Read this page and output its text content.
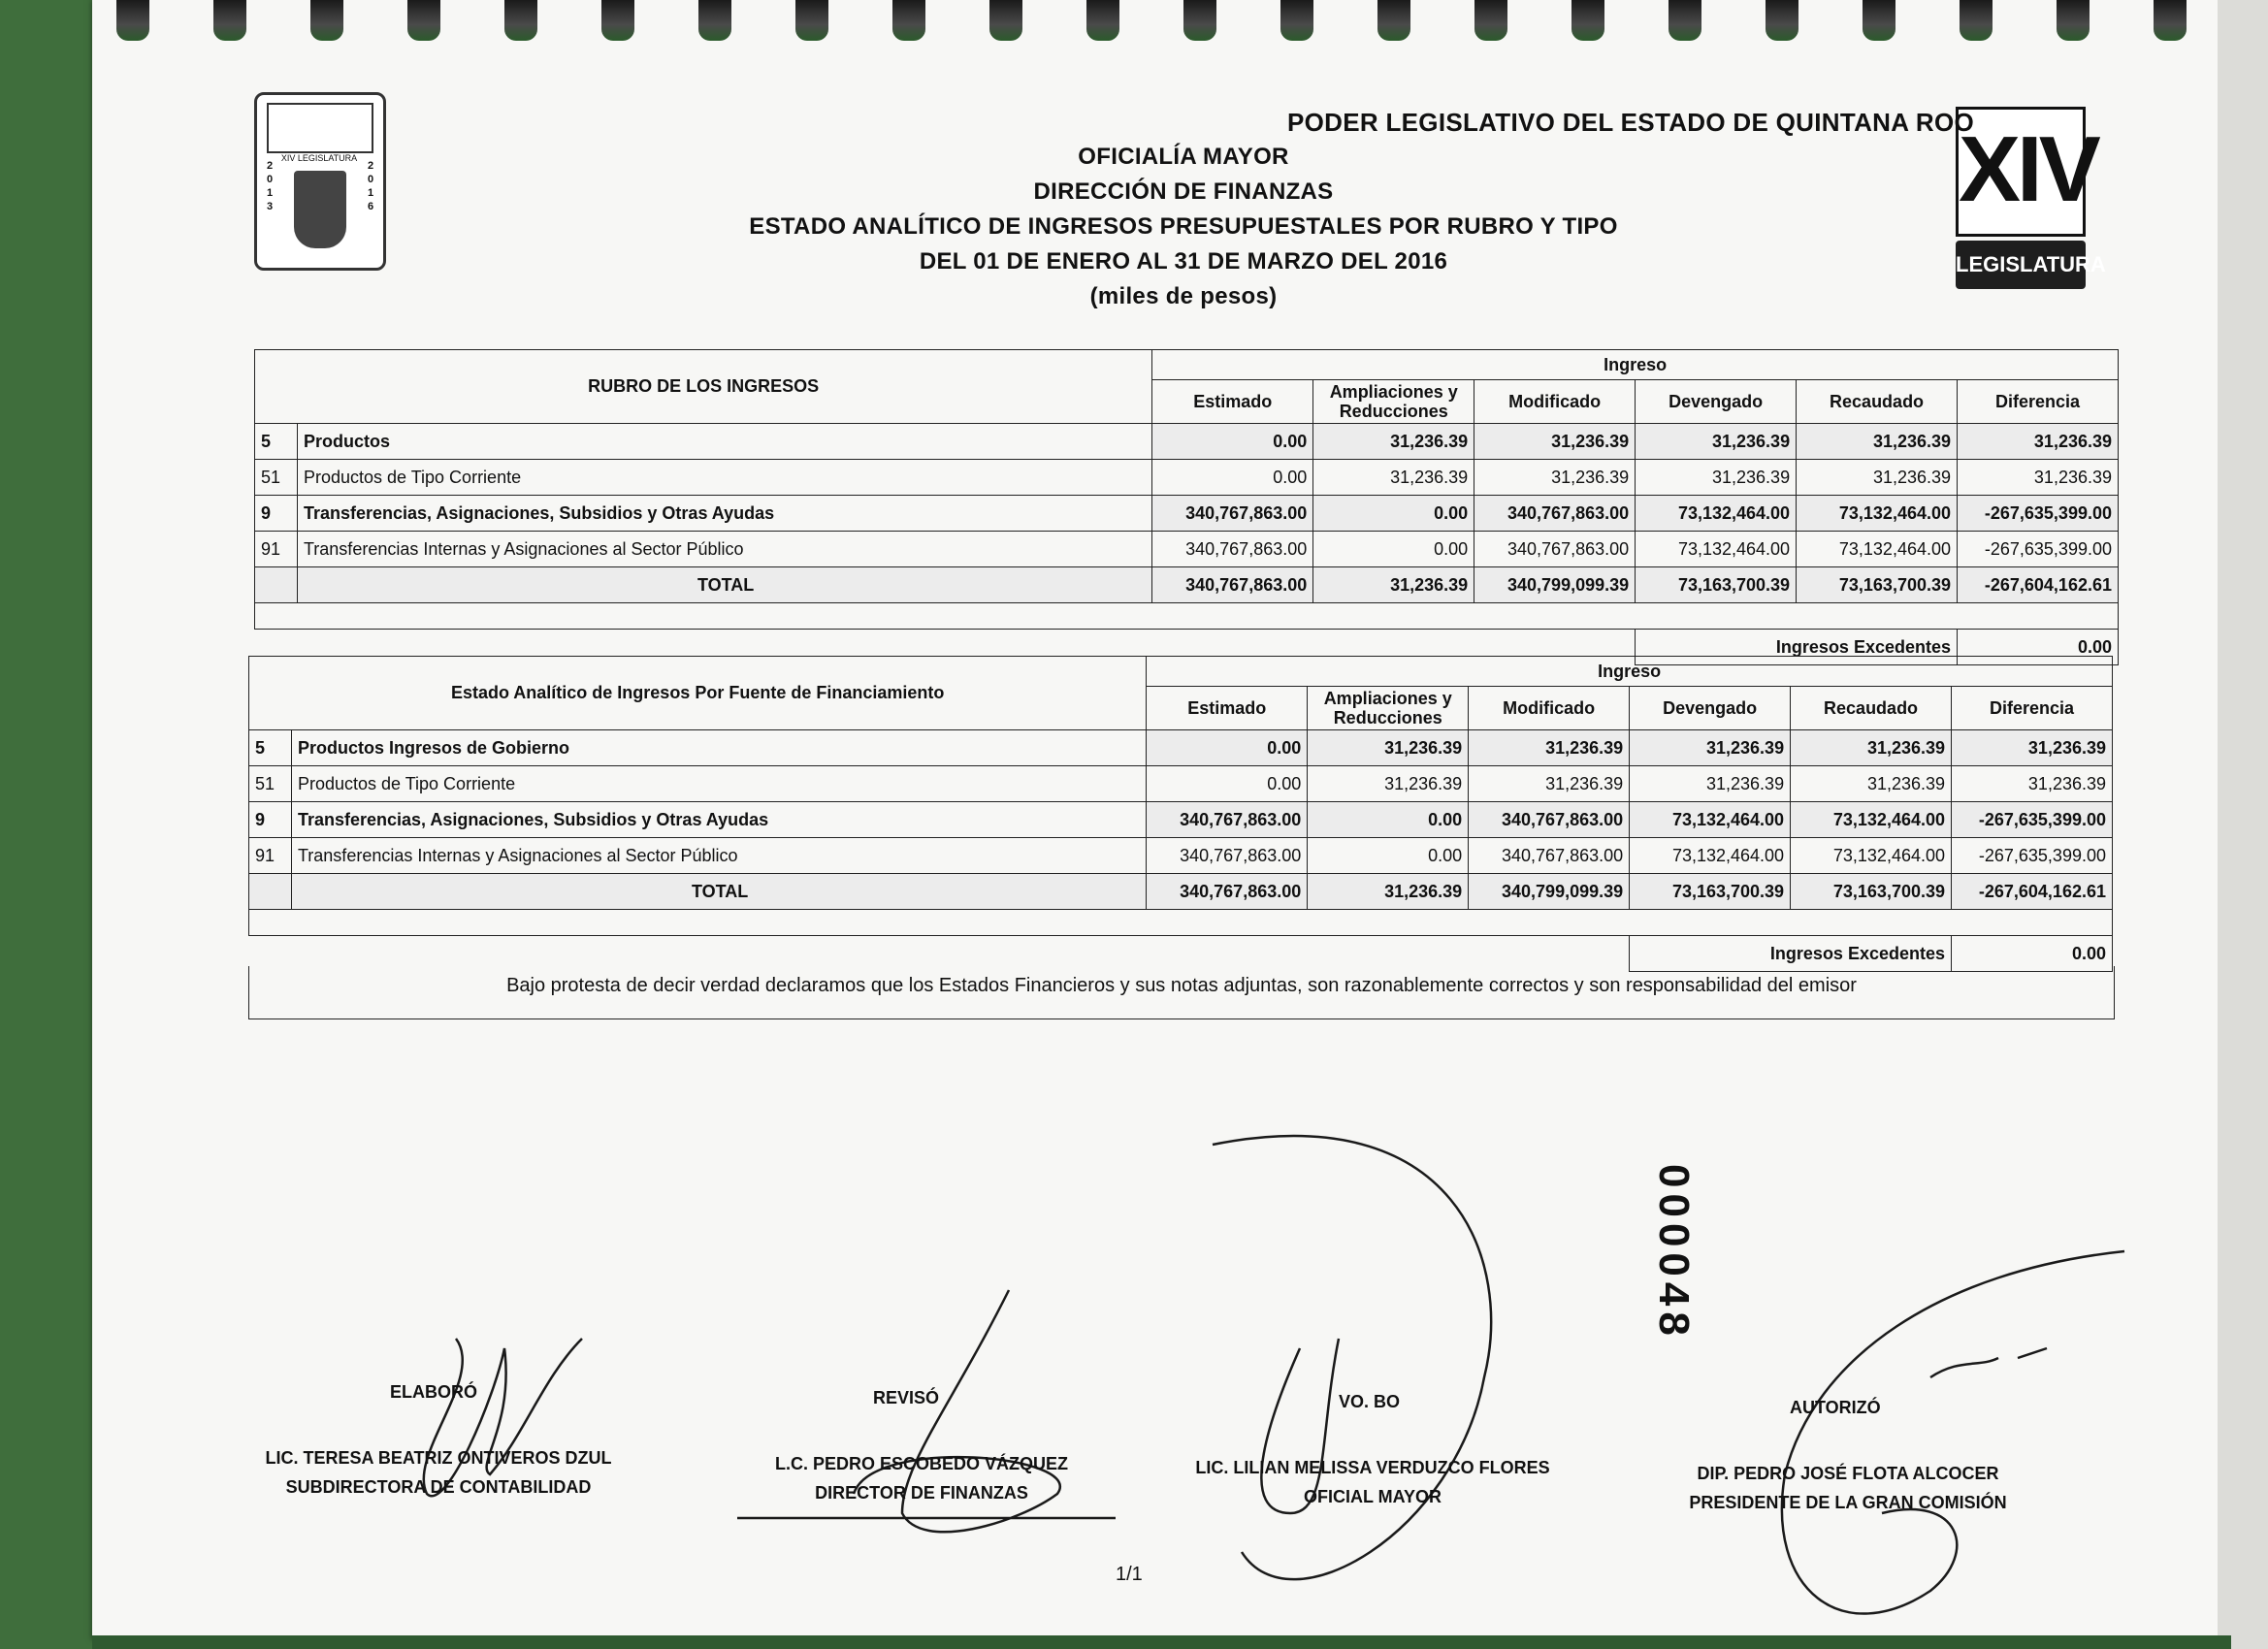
XIV LEGISLATURA
2
0
1
3
2
0
1
6	XIV
LEGISLATURA
PODER LEGISLATIVO DEL ESTADO DE QUINTANA ROO
OFICIALÍA MAYOR
DIRECCIÓN DE FINANZAS
ESTADO ANALÍTICO DE INGRESOS PRESUPUESTALES POR RUBRO Y TIPO
DEL 01 DE ENERO AL 31 DE MARZO DEL 2016
(miles de pesos)
RUBRO DE LOS INGRESOS		Ingreso					
		Estimado	Ampliaciones y Reducciones	Modificado	Devengado	Recaudado	Diferencia
5	Productos	0.00	31,236.39	31,236.39	31,236.39	31,236.39	31,236.39
51	Productos de Tipo Corriente	0.00	31,236.39	31,236.39	31,236.39	31,236.39	31,236.39
9	Transferencias, Asignaciones, Subsidios y Otras Ayudas	340,767,863.00	0.00	340,767,863.00	73,132,464.00	73,132,464.00	-267,635,399.00
91	Transferencias Internas y Asignaciones al Sector Público	340,767,863.00	0.00	340,767,863.00	73,132,464.00	73,132,464.00	-267,635,399.00
	TOTAL	340,767,863.00	31,236.39	340,799,099.39	73,163,700.39	73,163,700.39	-267,604,162.61

					Ingresos Excedentes		0.00
Estado Analítico de Ingresos Por Fuente de Financiamiento		Ingreso					
		Estimado	Ampliaciones y Reducciones	Modificado	Devengado	Recaudado	Diferencia
5	Productos Ingresos de Gobierno	0.00	31,236.39	31,236.39	31,236.39	31,236.39	31,236.39
51	Productos de Tipo Corriente	0.00	31,236.39	31,236.39	31,236.39	31,236.39	31,236.39
9	Transferencias, Asignaciones, Subsidios y Otras Ayudas	340,767,863.00	0.00	340,767,863.00	73,132,464.00	73,132,464.00	-267,635,399.00
91	Transferencias Internas y Asignaciones al Sector Público	340,767,863.00	0.00	340,767,863.00	73,132,464.00	73,132,464.00	-267,635,399.00
	TOTAL	340,767,863.00	31,236.39	340,799,099.39	73,163,700.39	73,163,700.39	-267,604,162.61

					Ingresos Excedentes		0.00
Bajo protesta de decir verdad declaramos que los Estados Financieros y sus notas adjuntas, son razonablemente correctos y son responsabilidad del emisor
000048
ELABORÓ
LIC. TERESA BEATRIZ ONTIVEROS DZUL
SUBDIRECTORA DE CONTABILIDAD
REVISÓ
L.C. PEDRO ESCOBEDO VÁZQUEZ
DIRECTOR DE FINANZAS
VO. BO
LIC. LILIAN MELISSA VERDUZCO FLORES
OFICIAL MAYOR
AUTORIZÓ
DIP. PEDRO JOSÉ FLOTA ALCOCER
PRESIDENTE DE LA GRAN COMISIÓN
1/1
